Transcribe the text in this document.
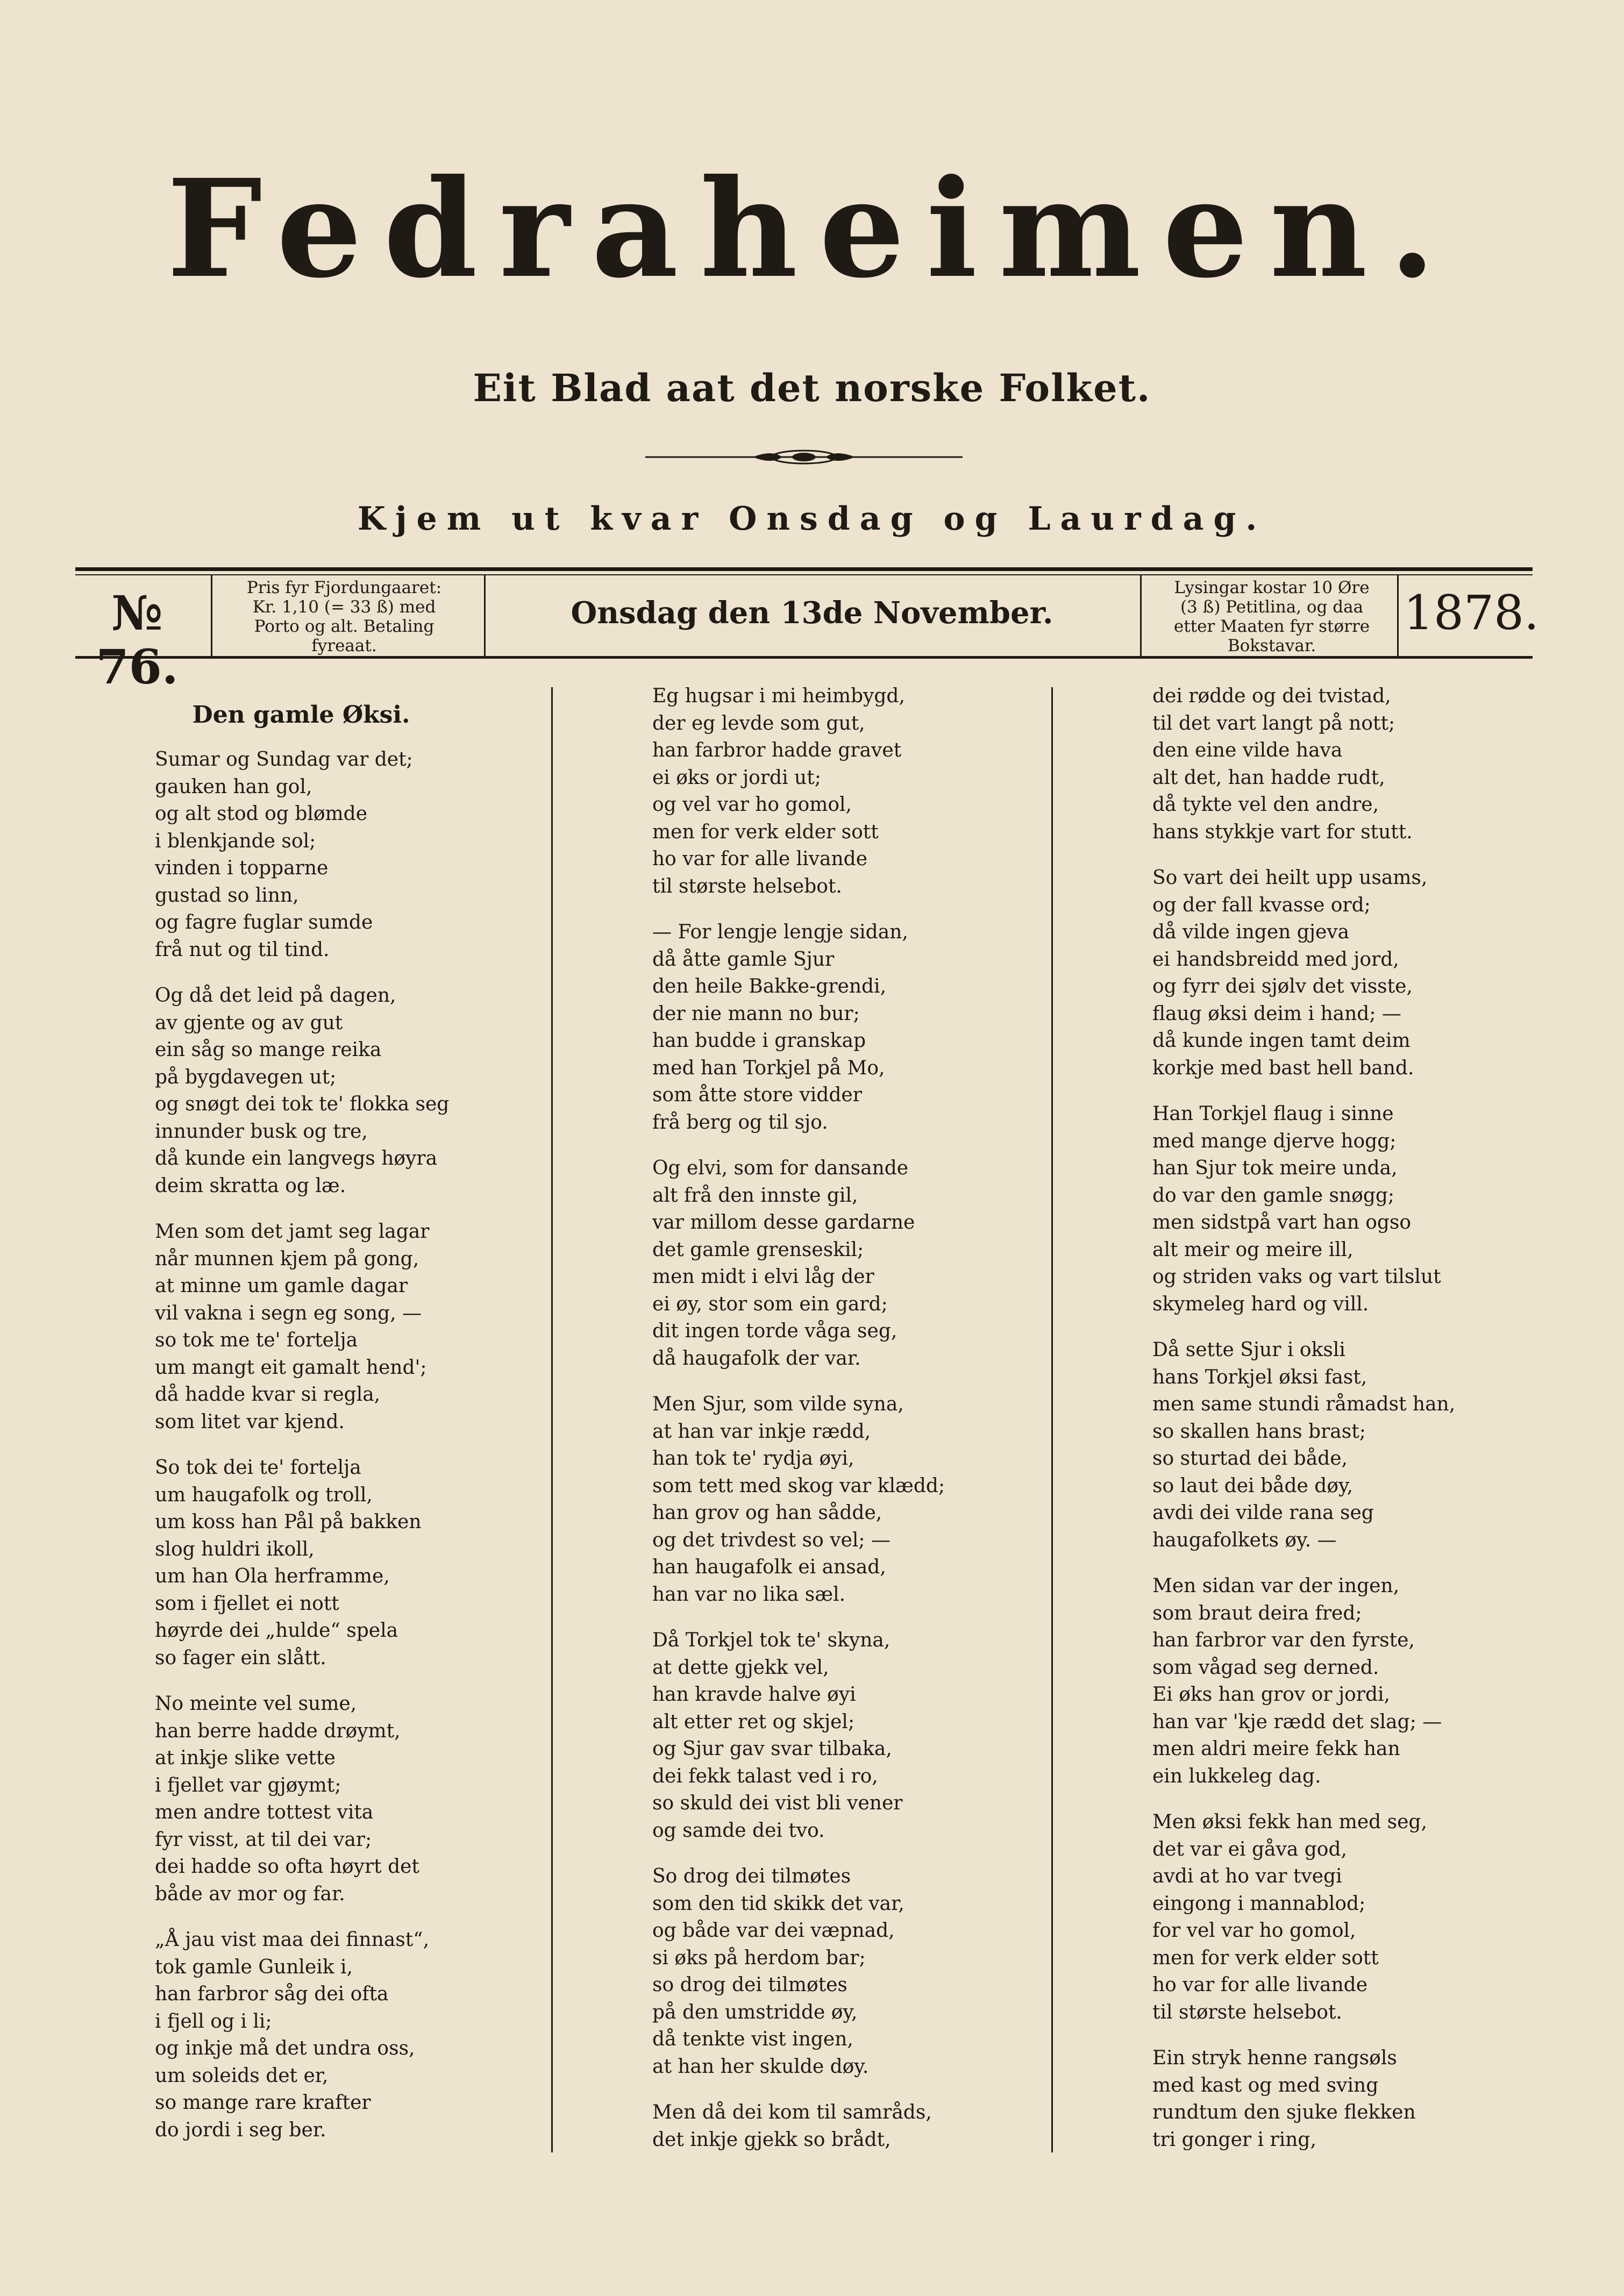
Fedraheimen.
Eit Blad aat det norske Folket.
Kjem ut kvar Onsdag og Laurdag.
№ 76.
Pris fyr Fjordungaaret:
Kr. 1,10 (= 33 ß) med
Porto og alt. Betaling
fyreaat.
Onsdag den 13de November.
Lysingar kostar 10 Øre
(3 ß) Petitlina, og daa
etter Maaten fyr større
Bokstavar.
1878.
Den gamle Øksi.
Sumar og Sundag var det;
gauken han gol,
og alt stod og blømde
i blenkjande sol;
vinden i topparne
gustad so linn,
og fagre fuglar sumde
frå nut og til tind.
Og då det leid på dagen,
av gjente og av gut
ein såg so mange reika
på bygdavegen ut;
og snøgt dei tok te' flokka seg
innunder busk og tre,
då kunde ein langvegs høyra
deim skratta og læ.
Men som det jamt seg lagar
når munnen kjem på gong,
at minne um gamle dagar
vil vakna i segn eg song, —
so tok me te' fortelja
um mangt eit gamalt hend';
då hadde kvar si regla,
som litet var kjend.
So tok dei te' fortelja
um haugafolk og troll,
um koss han Pål på bakken
slog huldri ikoll,
um han Ola herframme,
som i fjellet ei nott
høyrde dei „hulde“ spela
so fager ein slått.
No meinte vel sume,
han berre hadde drøymt,
at inkje slike vette
i fjellet var gjøymt;
men andre tottest vita
fyr visst, at til dei var;
dei hadde so ofta høyrt det
både av mor og far.
„Å jau vist maa dei finnast“,
tok gamle Gunleik i,
han farbror såg dei ofta
i fjell og i li;
og inkje må det undra oss,
um soleids det er,
so mange rare krafter
do jordi i seg ber.
Eg hugsar i mi heimbygd,
der eg levde som gut,
han farbror hadde gravet
ei øks or jordi ut;
og vel var ho gomol,
men for verk elder sott
ho var for alle livande
til største helsebot.
— For lengje lengje sidan,
då åtte gamle Sjur
den heile Bakke-grendi,
der nie mann no bur;
han budde i granskap
med han Torkjel på Mo,
som åtte store vidder
frå berg og til sjo.
Og elvi, som for dansande
alt frå den innste gil,
var millom desse gardarne
det gamle grenseskil;
men midt i elvi låg der
ei øy, stor som ein gard;
dit ingen torde våga seg,
då haugafolk der var.
Men Sjur, som vilde syna,
at han var inkje rædd,
han tok te' rydja øyi,
som tett med skog var klædd;
han grov og han sådde,
og det trivdest so vel; —
han haugafolk ei ansad,
han var no lika sæl.
Då Torkjel tok te' skyna,
at dette gjekk vel,
han kravde halve øyi
alt etter ret og skjel;
og Sjur gav svar tilbaka,
dei fekk talast ved i ro,
so skuld dei vist bli vener
og samde dei tvo.
So drog dei tilmøtes
som den tid skikk det var,
og både var dei væpnad,
si øks på herdom bar;
so drog dei tilmøtes
på den umstridde øy,
då tenkte vist ingen,
at han her skulde døy.
Men då dei kom til samråds,
det inkje gjekk so brådt,
dei rødde og dei tvistad,
til det vart langt på nott;
den eine vilde hava
alt det, han hadde rudt,
då tykte vel den andre,
hans stykkje vart for stutt.
So vart dei heilt upp usams,
og der fall kvasse ord;
då vilde ingen gjeva
ei handsbreidd med jord,
og fyrr dei sjølv det visste,
flaug øksi deim i hand; —
då kunde ingen tamt deim
korkje med bast hell band.
Han Torkjel flaug i sinne
med mange djerve hogg;
han Sjur tok meire unda,
do var den gamle snøgg;
men sidstpå vart han ogso
alt meir og meire ill,
og striden vaks og vart tilslut
skymeleg hard og vill.
Då sette Sjur i oksli
hans Torkjel øksi fast,
men same stundi råmadst han,
so skallen hans brast;
so sturtad dei både,
so laut dei både døy,
avdi dei vilde rana seg
haugafolkets øy. —
Men sidan var der ingen,
som braut deira fred;
han farbror var den fyrste,
som vågad seg derned.
Ei øks han grov or jordi,
han var 'kje rædd det slag; —
men aldri meire fekk han
ein lukkeleg dag.
Men øksi fekk han med seg,
det var ei gåva god,
avdi at ho var tvegi
eingong i mannablod;
for vel var ho gomol,
men for verk elder sott
ho var for alle livande
til største helsebot.
Ein stryk henne rangsøls
med kast og med sving
rundtum den sjuke flekken
tri gonger i ring,
